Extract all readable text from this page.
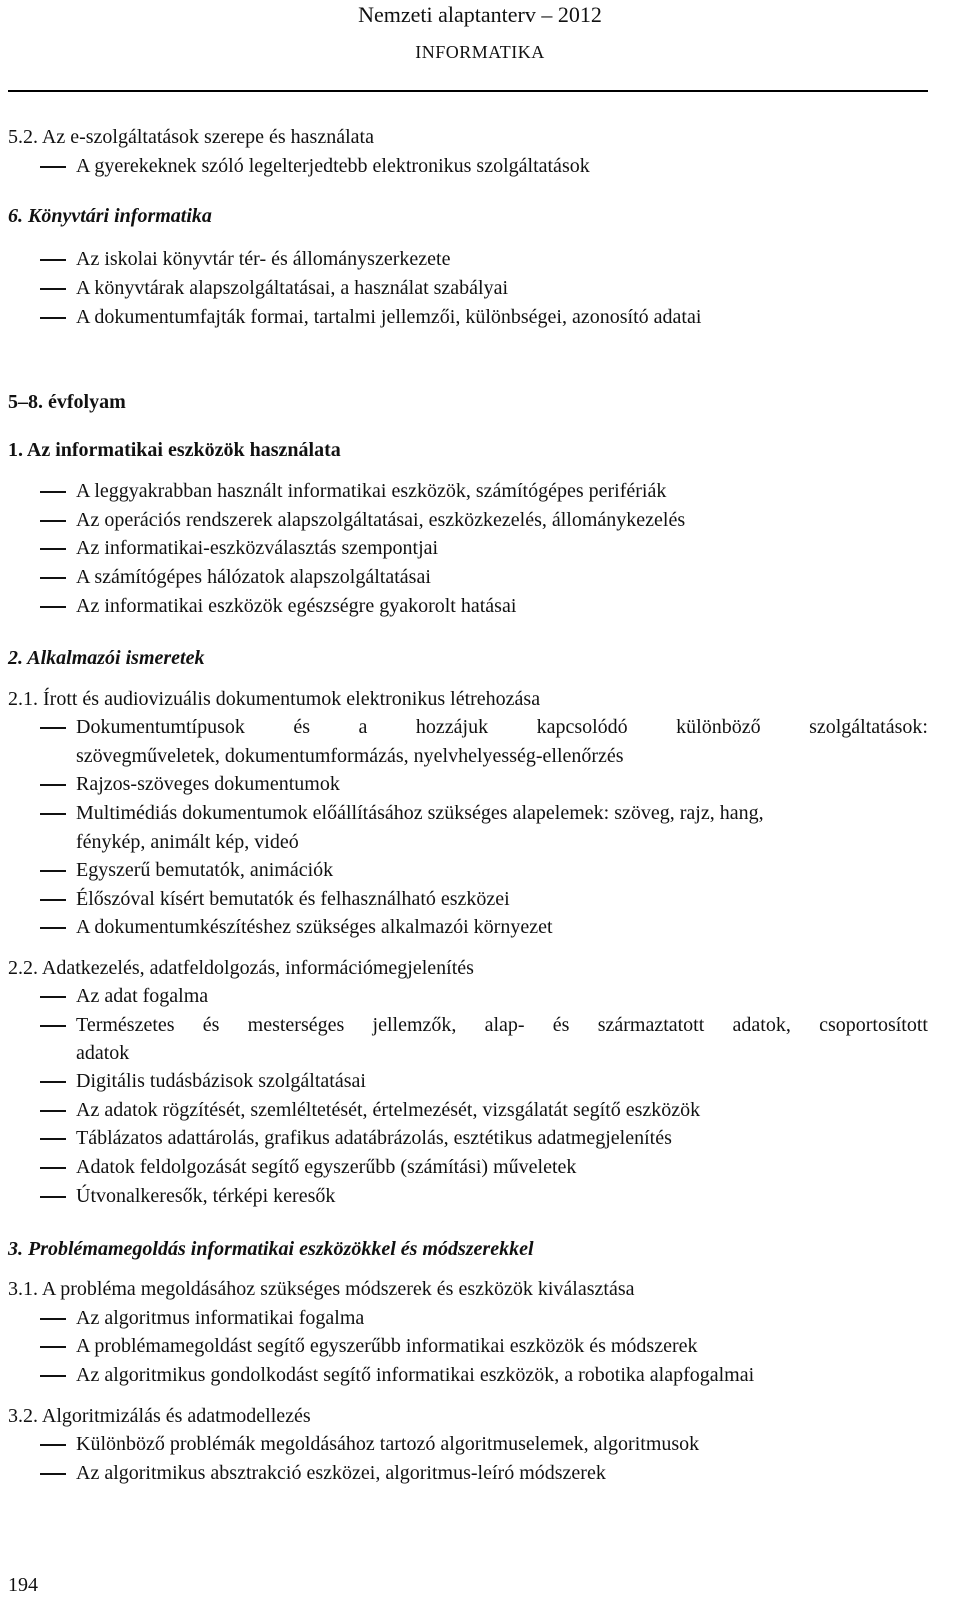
Nemzeti alaptanterv – 2012
INFORMATIKA
5.2. Az e-szolgáltatások szerepe és használata
A gyerekeknek szóló legelterjedtebb elektronikus szolgáltatások
6. Könyvtári informatika
Az iskolai könyvtár tér- és állományszerkezete
A könyvtárak alapszolgáltatásai, a használat szabályai
A dokumentumfajták formai, tartalmi jellemzői, különbségei, azonosító adatai
5–8. évfolyam
1. Az informatikai eszközök használata
A leggyakrabban használt informatikai eszközök, számítógépes perifériák
Az operációs rendszerek alapszolgáltatásai, eszközkezelés, állománykezelés
Az informatikai-eszközválasztás szempontjai
A számítógépes hálózatok alapszolgáltatásai
Az informatikai eszközök egészségre gyakorolt hatásai
2. Alkalmazói ismeretek
2.1. Írott és audiovizuális dokumentumok elektronikus létrehozása
Dokumentumtípusok és a hozzájuk kapcsolódó különböző szolgáltatások:
szövegműveletek, dokumentumformázás, nyelvhelyesség-ellenőrzés
Rajzos-szöveges dokumentumok
Multimédiás dokumentumok előállításához szükséges alapelemek: szöveg, rajz, hang,
fénykép, animált kép, videó
Egyszerű bemutatók, animációk
Élőszóval kísért bemutatók és felhasználható eszközei
A dokumentumkészítéshez szükséges alkalmazói környezet
2.2. Adatkezelés, adatfeldolgozás, információmegjelenítés
Az adat fogalma
Természetes és mesterséges jellemzők, alap- és származtatott adatok, csoportosított
adatok
Digitális tudásbázisok szolgáltatásai
Az adatok rögzítését, szemléltetését, értelmezését, vizsgálatát segítő eszközök
Táblázatos adattárolás, grafikus adatábrázolás, esztétikus adatmegjelenítés
Adatok feldolgozását segítő egyszerűbb (számítási) műveletek
Útvonalkeresők, térképi keresők
3. Problémamegoldás informatikai eszközökkel és módszerekkel
3.1. A probléma megoldásához szükséges módszerek és eszközök kiválasztása
Az algoritmus informatikai fogalma
A problémamegoldást segítő egyszerűbb informatikai eszközök és módszerek
Az algoritmikus gondolkodást segítő informatikai eszközök, a robotika alapfogalmai
3.2. Algoritmizálás és adatmodellezés
Különböző problémák megoldásához tartozó algoritmuselemek, algoritmusok
Az algoritmikus absztrakció eszközei, algoritmus-leíró módszerek
194
